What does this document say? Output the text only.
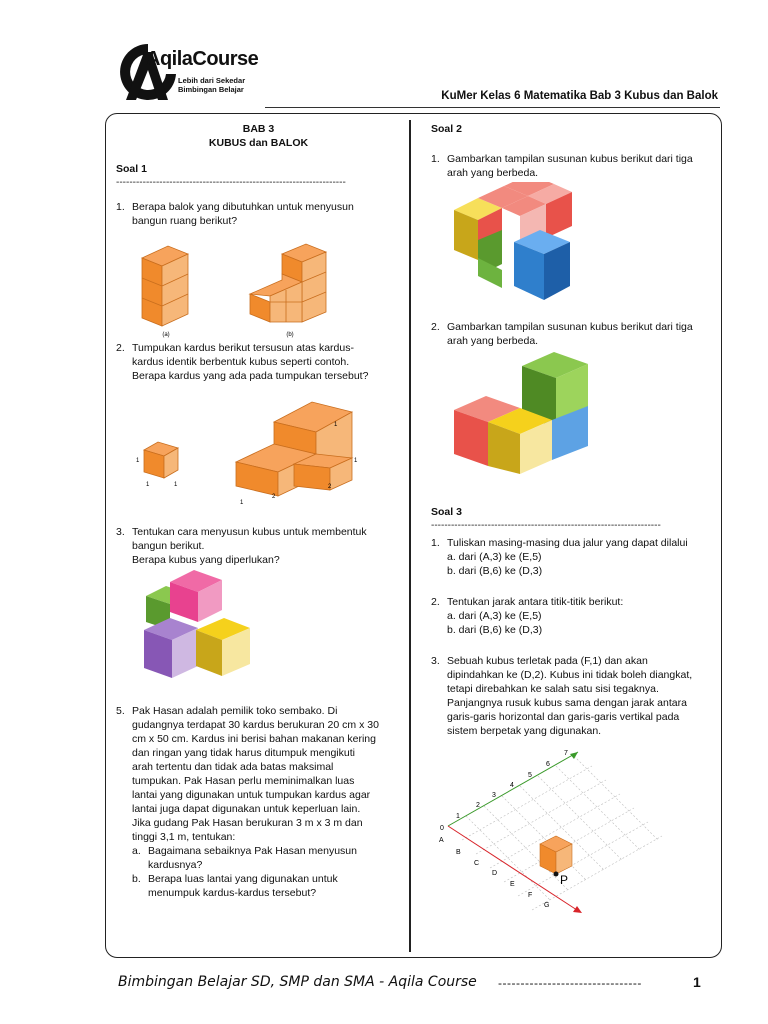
AqilaCourse
Lebih dari Sekedar
Bimbingan Belajar
KuMer Kelas 6 Matematika Bab 3 Kubus dan Balok
BAB 3
KUBUS dan BALOK
Soal 1
---------------------------------------------------------------------
1. Berapa balok yang dibutuhkan untuk menyusun
bangun ruang berikut?
(a)	(b)
2. Tumpukan kardus berikut tersusun atas kardus-
kardus identik berbentuk kubus seperti contoh.
Berapa kardus yang ada pada tumpukan tersebut?
1
1	1
1
1
1
2
2
3. Tentukan cara menyusun kubus untuk membentuk
bangun berikut.
Berapa kubus yang diperlukan?
5. Pak Hasan adalah pemilik toko sembako. Di
gudangnya terdapat 30 kardus berukuran 20 cm x 30
cm x 50 cm. Kardus ini berisi bahan makanan kering
dan ringan yang tidak harus ditumpuk mengikuti
arah tertentu dan tidak ada batas maksimal
tumpukan. Pak Hasan perlu meminimalkan luas
lantai yang digunakan untuk tumpukan kardus agar
lantai juga dapat digunakan untuk keperluan lain.
Jika gudang Pak Hasan berukuran 3 m x 3 m dan
tinggi 3,1 m, tentukan:
a. Bagaimana sebaiknya Pak Hasan menyusun
kardusnya?
b. Berapa luas lantai yang digunakan untuk
menumpuk kardus-kardus tersebut?
Soal 2
1. Gambarkan tampilan susunan kubus berikut dari tiga
arah yang berbeda.
2. Gambarkan tampilan susunan kubus berikut dari tiga
arah yang berbeda.
Soal 3
---------------------------------------------------------------------
1. Tuliskan masing-masing dua jalur yang dapat dilalui
a. dari (A,3) ke (E,5)
b. dari (B,6) ke (D,3)
2. Tentukan jarak antara titik-titik berikut:
a. dari (A,3) ke (E,5)
b. dari (B,6) ke (D,3)
3. Sebuah kubus terletak pada (F,1) dan akan
dipindahkan ke (D,2). Kubus ini tidak boleh diangkat,
tetapi direbahkan ke salah satu sisi tegaknya.
Panjangnya rusuk kubus sama dengan jarak antara
garis-garis horizontal dan garis-garis vertikal pada
sistem berpetak yang digunakan.
0
1
2
3
4
5
6
7
A
B
C
D
E
F
G
P
Bimbingan Belajar SD, SMP dan SMA - Aqila Course --------------------------------	1
